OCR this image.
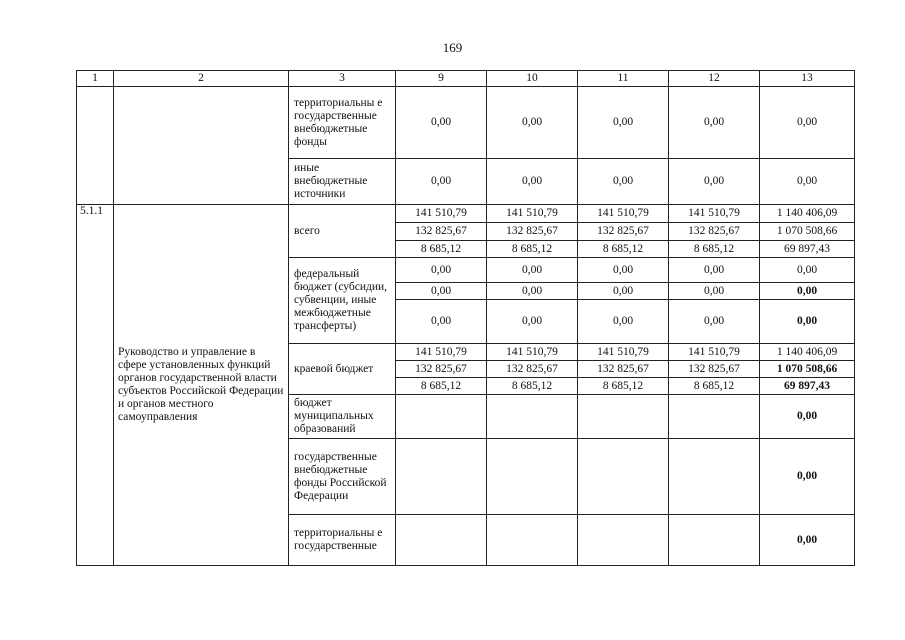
169
1	2	3	9	10	11	12	13
		территориальны е государственные внебюджетные фонды	0,00	0,00	0,00	0,00	0,00
		иные внебюджетные источники	0,00	0,00	0,00	0,00	0,00
5.1.1	Руководство и управление в сфере установленных функций органов государственной власти субъектов Российской Федерации и органов местного самоуправления	всего	141 510,79	141 510,79	141 510,79	141 510,79	1 140 406,09
			132 825,67	132 825,67	132 825,67	132 825,67	1 070 508,66
			8 685,12	8 685,12	8 685,12	8 685,12	69 897,43
		федеральный бюджет (субсидии, субвенции, иные межбюджетные трансферты)	0,00	0,00	0,00	0,00	0,00
			0,00	0,00	0,00	0,00	0,00
			0,00	0,00	0,00	0,00	0,00
		краевой бюджет	141 510,79	141 510,79	141 510,79	141 510,79	1 140 406,09
			132 825,67	132 825,67	132 825,67	132 825,67	1 070 508,66
			8 685,12	8 685,12	8 685,12	8 685,12	69 897,43
		бюджет муниципальных образований					0,00
		государственные внебюджетные фонды Российской Федерации					0,00
		территориальны е государственные					0,00
